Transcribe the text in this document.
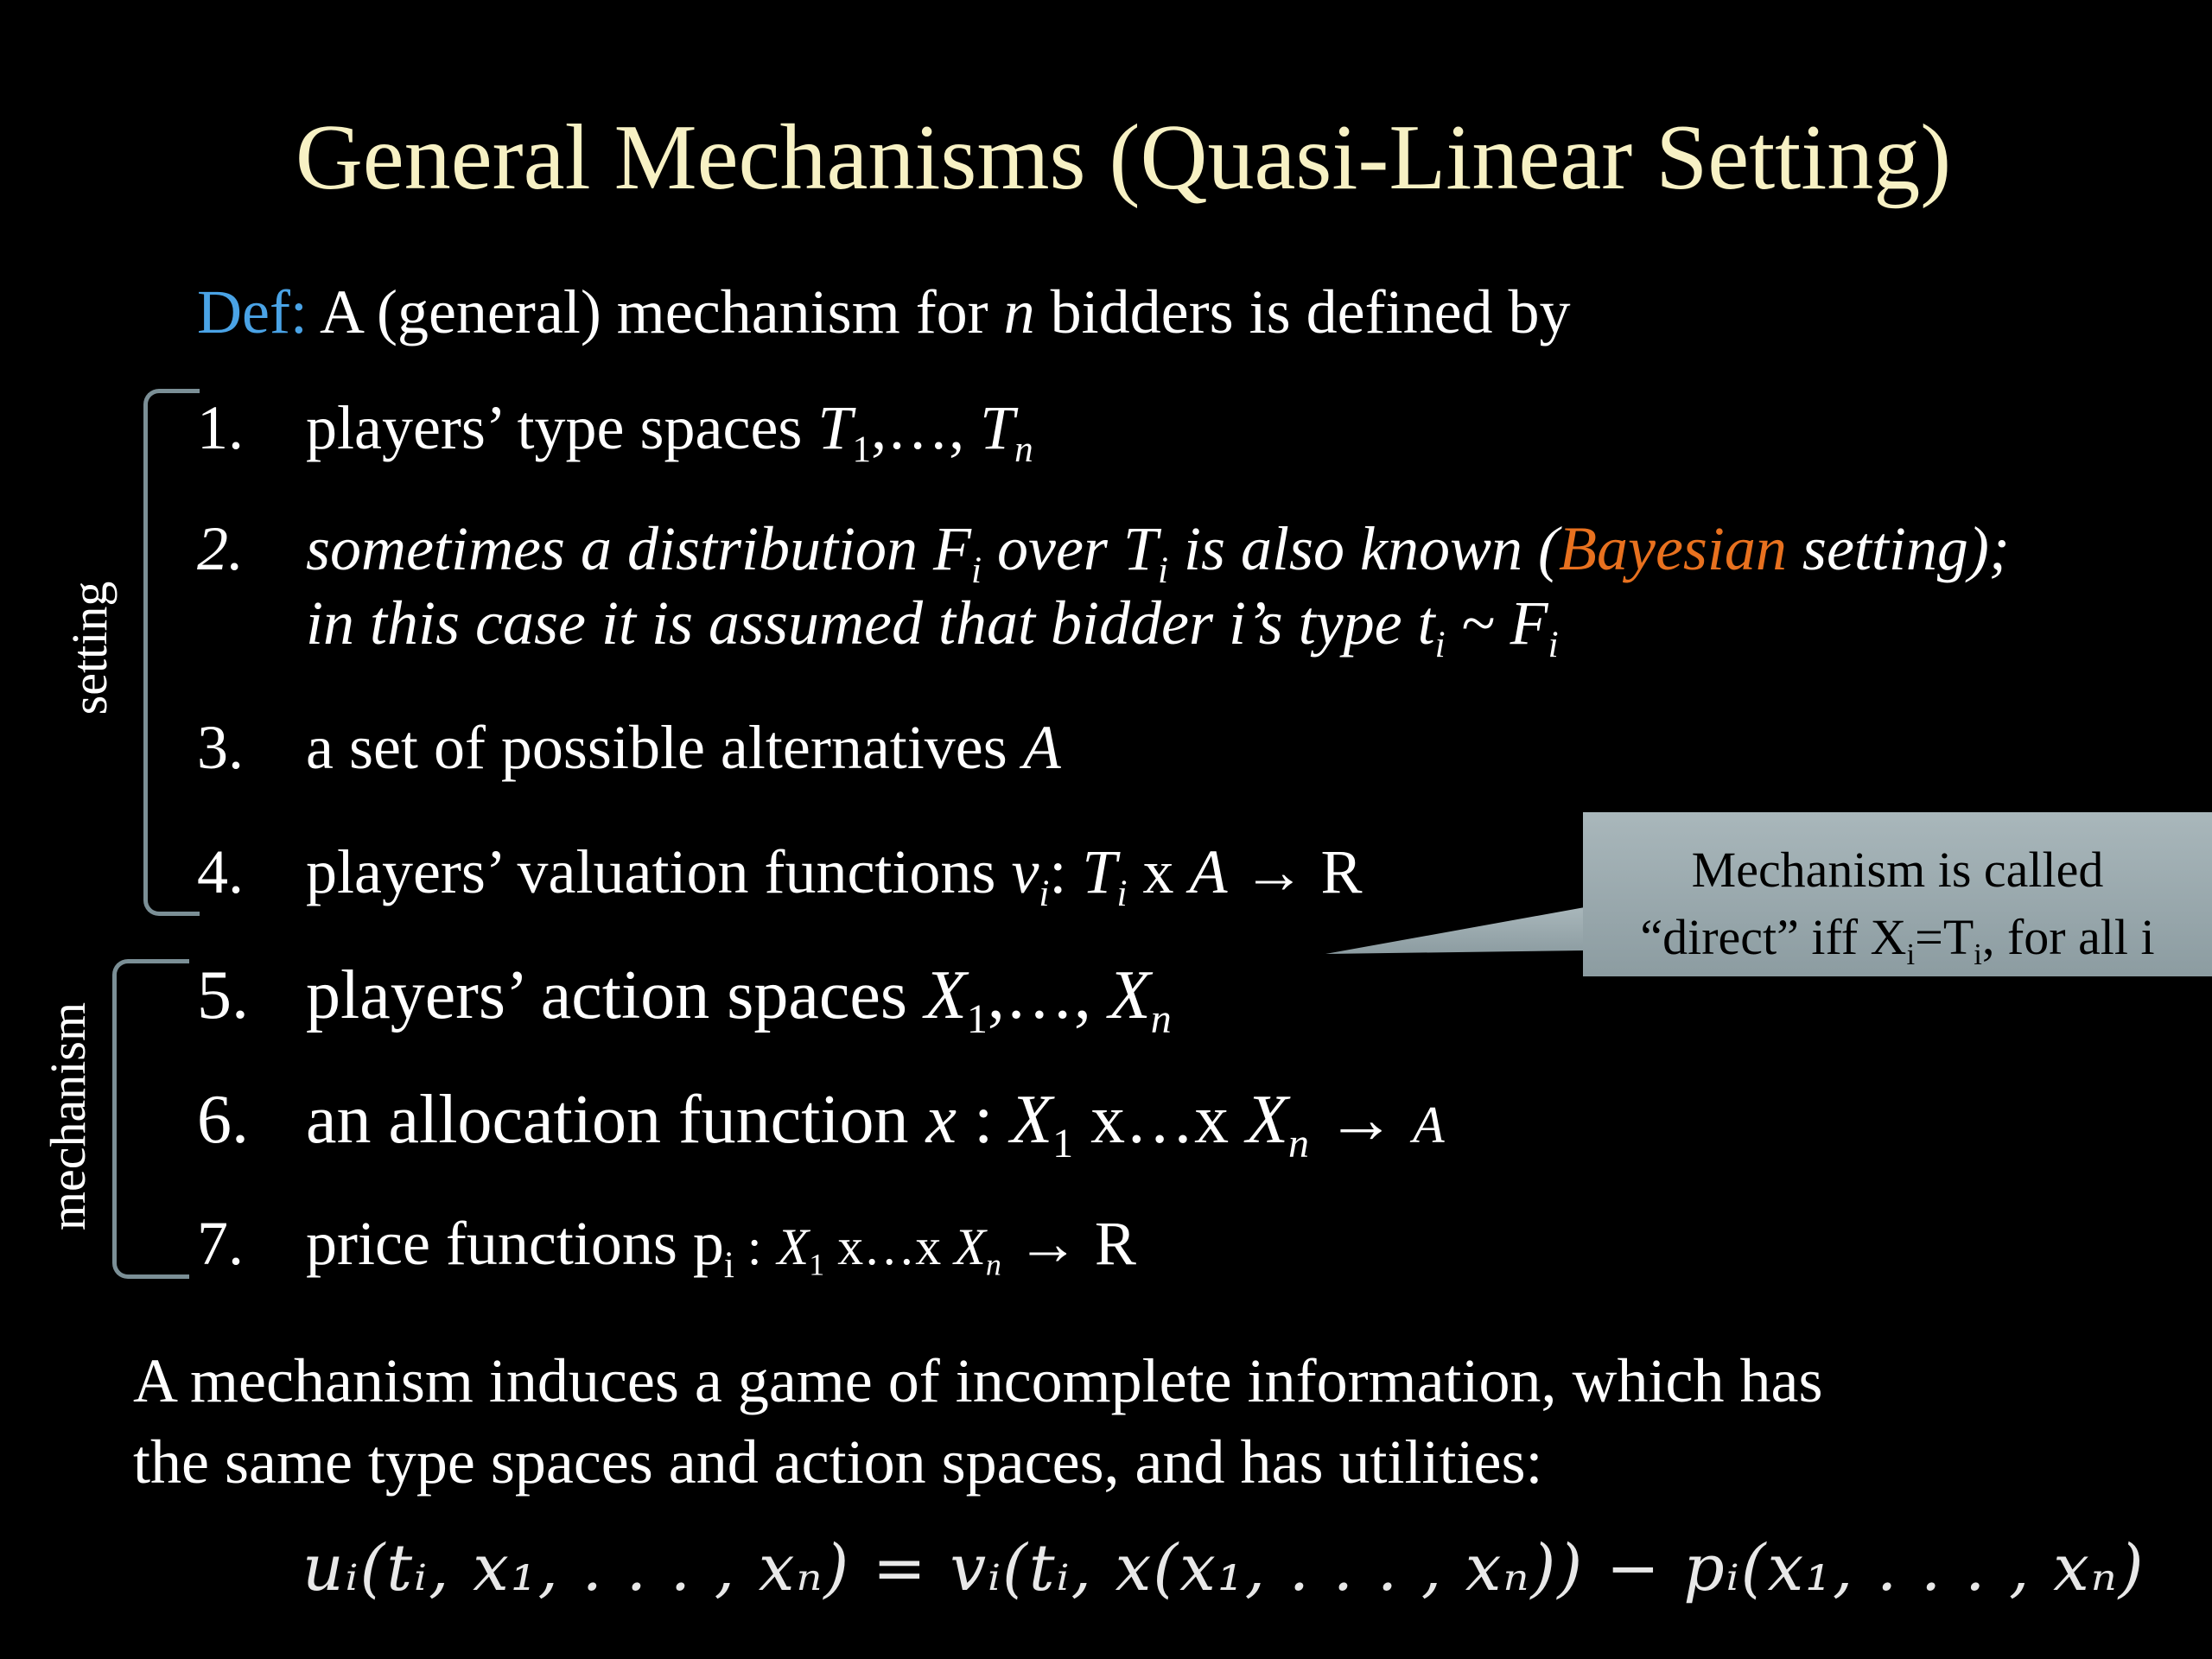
General Mechanisms (Quasi-Linear Setting)
Def: A (general) mechanism for n bidders is defined by
1. players’ type spaces $T_1,\dots$, $T_n$
2. sometimes a distribution $F_i$ over $T_i$ is also known (Bayesian setting);
in this case it is assumed that bidder i’s type $t_i$ ~ $F_i$
3. a set of possible alternatives A
4. players’ valuation functions $v_i$: $T_i$ x A → R
5. players’ action spaces $X_1,\dots$, $X_n$
6. an allocation function x : $X_1$ x…x $X_n \to A$
7. price functions $p_i$ : $X_1$ x…x $X_n \to R$
setting
mechanism
Mechanism is called
“direct” iff $X_i=T_i$, for all i
A mechanism induces a game of incomplete information, which has
the same type spaces and action spaces, and has utilities:
uᵢ(tᵢ, x₁, . . . , xₙ) = vᵢ(tᵢ, x(x₁, . . . , xₙ)) − pᵢ(x₁, . . . , xₙ)
